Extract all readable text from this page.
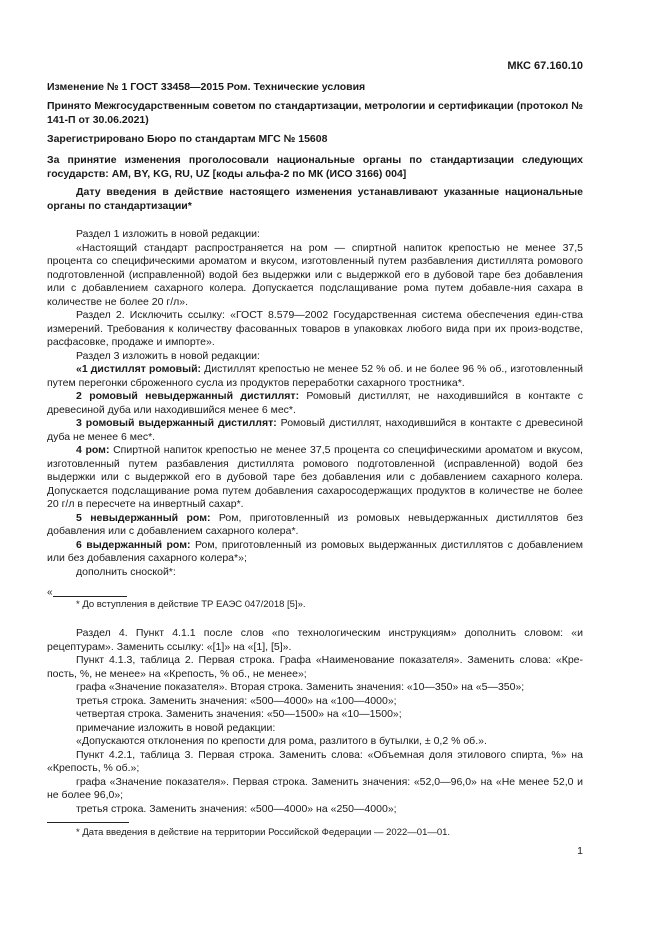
МКС 67.160.10

Изменение № 1 ГОСТ 33458—2015 Ром. Технические условия

Принято Межгосударственным советом по стандартизации, метрологии и сертификации (протокол № 141-П от 30.06.2021)

Зарегистрировано Бюро по стандартам МГС № 15608

За принятие изменения проголосовали национальные органы по стандартизации следующих государств: AM, BY, KG, RU, UZ [коды альфа-2 по МК (ИСО 3166) 004]

Дату введения в действие настоящего изменения устанавливают указанные национальные органы по стандартизации*

Раздел 1 изложить в новой редакции:

«Настоящий стандарт распространяется на ром — спиртной напиток крепостью не менее 37,5 процента со специфическими ароматом и вкусом, изготовленный путем разбавления дистиллята ромового подготовленной (исправленной) водой без выдержки или с выдержкой его в дубовой таре без добавления или с добавлением сахарного колера. Допускается подслащивание рома путем добавле-ния сахара в количестве не более 20 г/л».

Раздел 2. Исключить ссылку: «ГОСТ 8.579—2002 Государственная система обеспечения един-ства измерений. Требования к количеству фасованных товаров в упаковках любого вида при их произ-водстве, расфасовке, продаже и импорте».

Раздел 3 изложить в новой редакции:

«1 дистиллят ромовый: Дистиллят крепостью не менее 52 % об. и не более 96 % об., изготовленный путем перегонки сброженного сусла из продуктов переработки сахарного тростника*.

2 ромовый невыдержанный дистиллят: Ромовый дистиллят, не находившийся в контакте с древесиной дуба или находившийся менее 6 мес*.

3 ромовый выдержанный дистиллят: Ромовый дистиллят, находившийся в контакте с древесиной дуба не менее 6 мес*.

4 ром: Спиртной напиток крепостью не менее 37,5 процента со специфическими ароматом и вкусом, изготовленный путем разбавления дистиллята ромового подготовленной (исправленной) водой без выдержки или с выдержкой его в дубовой таре без добавления или с добавлением сахарного колера. Допускается подслащивание рома путем добавления сахаросодержащих продуктов в количестве не более 20 г/л в пересчете на инвертный сахар*.

5 невыдержанный ром: Ром, приготовленный из ромовых невыдержанных дистиллятов без добавления или с добавлением сахарного колера*.

6 выдержанный ром: Ром, приготовленный из ромовых выдержанных дистиллятов с добавлением или без добавления сахарного колера*»;

дополнить сноской*:

«

* До вступления в действие ТР ЕАЭС 047/2018 [5]».

Раздел 4. Пункт 4.1.1 после слов «по технологическим инструкциям» дополнить словом: «и рецептурам». Заменить ссылку: «[1]» на «[1], [5]».

Пункт 4.1.3, таблица 2. Первая строка. Графа «Наименование показателя». Заменить слова: «Кре-пость, %, не менее» на «Крепость, % об., не менее»;

графа «Значение показателя». Вторая строка. Заменить значения: «10—350» на «5—350»;

третья строка. Заменить значения: «500—4000» на «100—4000»;

четвертая строка. Заменить значения: «50—1500» на «10—1500»;

примечание изложить в новой редакции:

«Допускаются отклонения по крепости для рома, разлитого в бутылки, ± 0,2 % об.».

Пункт 4.2.1, таблица 3. Первая строка. Заменить слова: «Объемная доля этилового спирта, %» на «Крепость, % об.»;

графа «Значение показателя». Первая строка. Заменить значения: «52,0—96,0» на «Не менее 52,0 и не более 96,0»;

третья строка. Заменить значения: «500—4000» на «250—4000»;

* Дата введения в действие на территории Российской Федерации — 2022—01—01.

1
